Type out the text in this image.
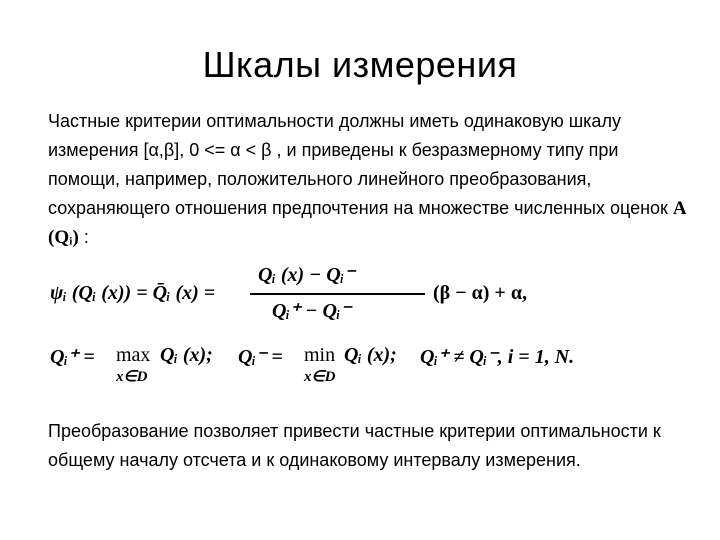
Шкалы измерения
Частные критерии оптимальности должны иметь одинаковую шкалу измерения [α,β], 0 <= α < β , и приведены к безразмерному типу при помощи, например, положительного линейного преобразования, сохраняющего отношения предпочтения на множестве численных оценок A (Qᵢ) :
ψᵢ (Qᵢ (x)) = Q̄ᵢ (x) =
Qᵢ (x) − Qᵢ⁻
Qᵢ⁺ − Qᵢ⁻
(β − α) + α,
Qᵢ⁺ = max
x∈D
Qᵢ (x); Qᵢ⁻ = min
x∈D
Qᵢ (x); Qᵢ⁺ ≠ Qᵢ⁻, i = 1, N.
Преобразование позволяет привести частные критерии оптимальности к общему началу отсчета и к одинаковому интервалу измерения.
